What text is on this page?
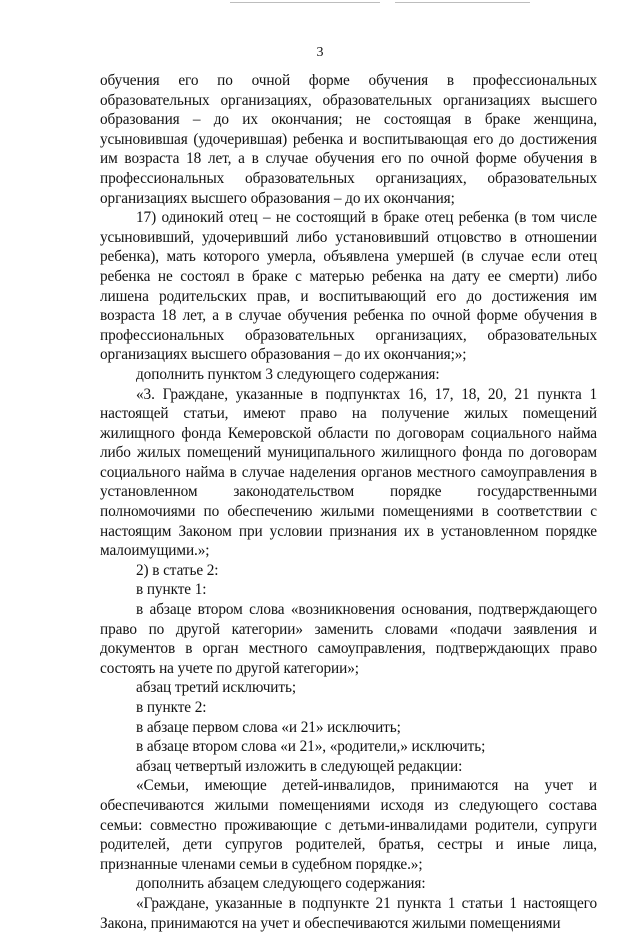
3

обучения его по очной форме обучения в профессиональных образовательных организациях, образовательных организациях высшего образования – до их окончания; не состоящая в браке женщина, усыновившая (удочерившая) ребенка и воспитывающая его до достижения им возраста 18 лет, а в случае обучения его по очной форме обучения в профессиональных образовательных организациях, образовательных организациях высшего образования – до их окончания;

17) одинокий отец – не состоящий в браке отец ребенка (в том числе усыновивший, удочеривший либо установивший отцовство в отношении ребенка), мать которого умерла, объявлена умершей (в случае если отец ребенка не состоял в браке с матерью ребенка на дату ее смерти) либо лишена родительских прав, и воспитывающий его до достижения им возраста 18 лет, а в случае обучения ребенка по очной форме обучения в профессиональных образовательных организациях, образовательных организациях высшего образования – до их окончания;»;

дополнить пунктом 3 следующего содержания:

«3. Граждане, указанные в подпунктах 16, 17, 18, 20, 21 пункта 1 настоящей статьи, имеют право на получение жилых помещений жилищного фонда Кемеровской области по договорам социального найма либо жилых помещений муниципального жилищного фонда по договорам социального найма в случае наделения органов местного самоуправления в установленном законодательством порядке государственными полномочиями по обеспечению жилыми помещениями в соответствии с настоящим Законом при условии признания их в установленном порядке малоимущими.»;

2) в статье 2:

в пункте 1:

в абзаце втором слова «возникновения основания, подтверждающего право по другой категории» заменить словами «подачи заявления и документов в орган местного самоуправления, подтверждающих право состоять на учете по другой категории»;

абзац третий исключить;

в пункте 2:

в абзаце первом слова «и 21» исключить;

в абзаце втором слова «и 21», «родители,» исключить;

абзац четвертый изложить в следующей редакции:

«Семьи, имеющие детей-инвалидов, принимаются на учет и обеспечиваются жилыми помещениями исходя из следующего состава семьи: совместно проживающие с детьми-инвалидами родители, супруги родителей, дети супругов родителей, братья, сестры и иные лица, признанные членами семьи в судебном порядке.»;

дополнить абзацем следующего содержания:

«Граждане, указанные в подпункте 21 пункта 1 статьи 1 настоящего Закона, принимаются на учет и обеспечиваются жилыми помещениями
